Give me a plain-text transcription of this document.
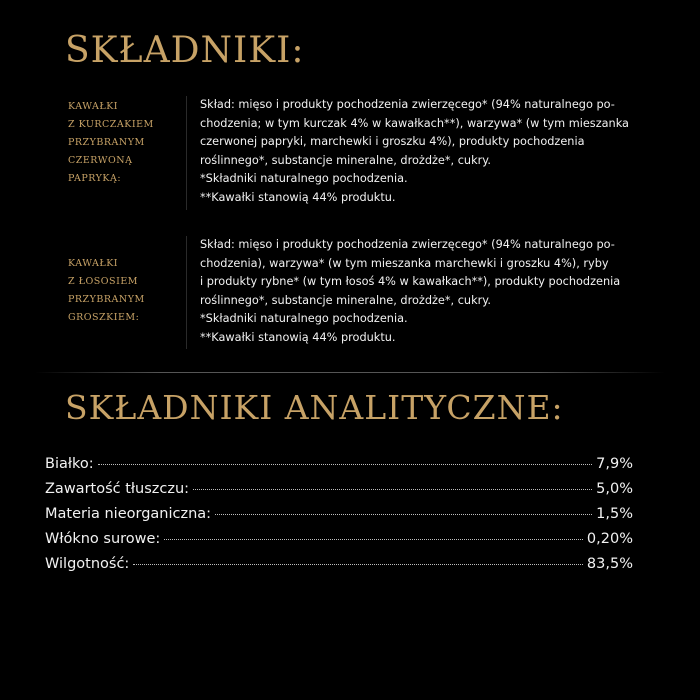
SKŁADNIKI:
KAWAŁKI
Z KURCZAKIEM
PRZYBRANYM
CZERWONĄ
PAPRYKĄ:
Skład: mięso i produkty pochodzenia zwierzęcego* (94% naturalnego po-
chodzenia; w tym kurczak 4% w kawałkach**), warzywa* (w tym mieszanka
czerwonej papryki, marchewki i groszku 4%), produkty pochodzenia
roślinnego*, substancje mineralne, drożdże*, cukry.
*Składniki naturalnego pochodzenia.
**Kawałki stanowią 44% produktu.
KAWAŁKI
Z ŁOSOSIEM
PRZYBRANYM
GROSZKIEM:
Skład: mięso i produkty pochodzenia zwierzęcego* (94% naturalnego po-
chodzenia), warzywa* (w tym mieszanka marchewki i groszku 4%), ryby
i produkty rybne* (w tym łosoś 4% w kawałkach**), produkty pochodzenia
roślinnego*, substancje mineralne, drożdże*, cukry.
*Składniki naturalnego pochodzenia.
**Kawałki stanowią 44% produktu.
SKŁADNIKI ANALITYCZNE:
Białko:	7,9%
Zawartość tłuszczu:	5,0%
Materia nieorganiczna:	1,5%
Włókno surowe:	0,20%
Wilgotność:	83,5%
